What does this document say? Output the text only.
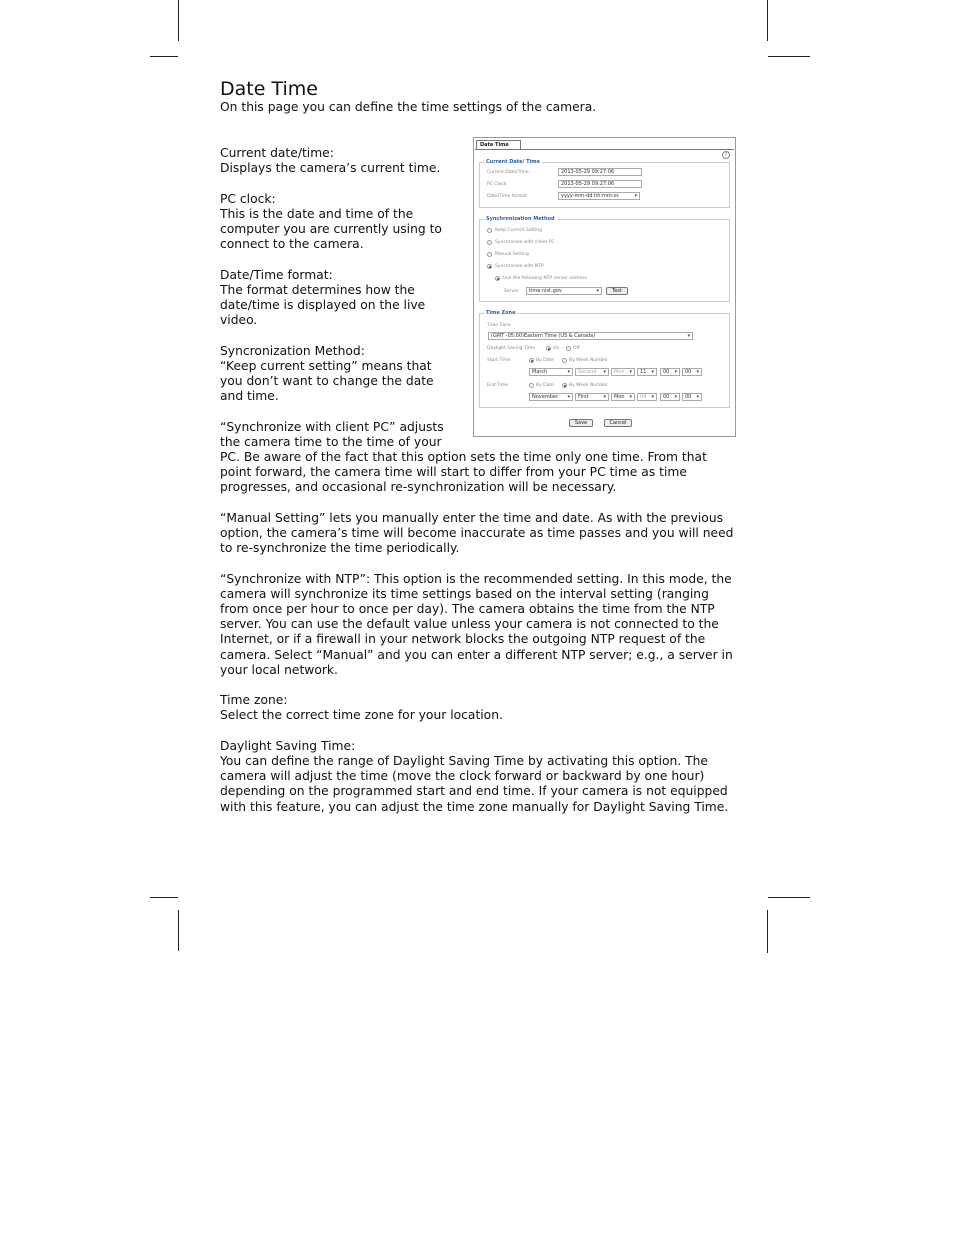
Date Time
On this page you can define the time settings of the camera.

Current date/time:
Displays the camera’s current time.

PC clock:
This is the date and time of the computer you are currently using to connect to the camera.

Date/Time format:
The format determines how the date/time is displayed on the live video.

Syncronization Method:
“Keep current setting” means that you don’t want to change the date and time.

“Synchronize with client PC” adjusts the camera time to the time of your PC. Be aware of the fact that this option sets the time only one time. From that point forward, the camera time will start to differ from your PC time as time progresses, and occasional re-synchronization will be necessary.

“Manual Setting” lets you manually enter the time and date. As with the previous option, the camera’s time will become inaccurate as time passes and you will need to re-synchronize the time periodically.

“Synchronize with NTP”: This option is the recommended setting. In this mode, the camera will synchronize its time settings based on the interval setting (ranging from once per hour to once per day). The camera obtains the time from the NTP server. You can use the default value unless your camera is not connected to the Internet, or if a firewall in your network blocks the outgoing NTP request of the camera. Select “Manual” and you can enter a different NTP server; e.g., a server in your local network.

Time zone:
Select the correct time zone for your location.

Daylight Saving Time:
You can define the range of Daylight Saving Time by activating this option. The camera will adjust the time (move the clock forward or backward by one hour) depending on the programmed start and end time. If your camera is not equipped with this feature, you can adjust the time zone manually for Daylight Saving Time.

Date Time
?
Current Date/ Time
Current Date/Time	2013-05-29 09:27:06
PC Clock	2013-05-29 09:27:06
Date/Time format	yyyy-mm-dd hh:mm:ss ▾
Synchronization Method
Keep Current Setting
Synchronize with client PC
Manual Setting
Synchronize with NTP
Use the following NTP server address
Server	time.nist.gov ▾	Test
Time Zone
Time Zone
(GMT -05:00)Eastern Time (US & Canada) ▾
Daylight Saving Time	On	Off
Start Time	By Date	By Week Number
March ▾	Second ▾	Mon ▾	11 ▾	00 ▾	00 ▾
End Time	By Date	By Week Number
November ▾	First ▾	Mon ▾	04 ▾	00 ▾	00 ▾
Save	Cancel
